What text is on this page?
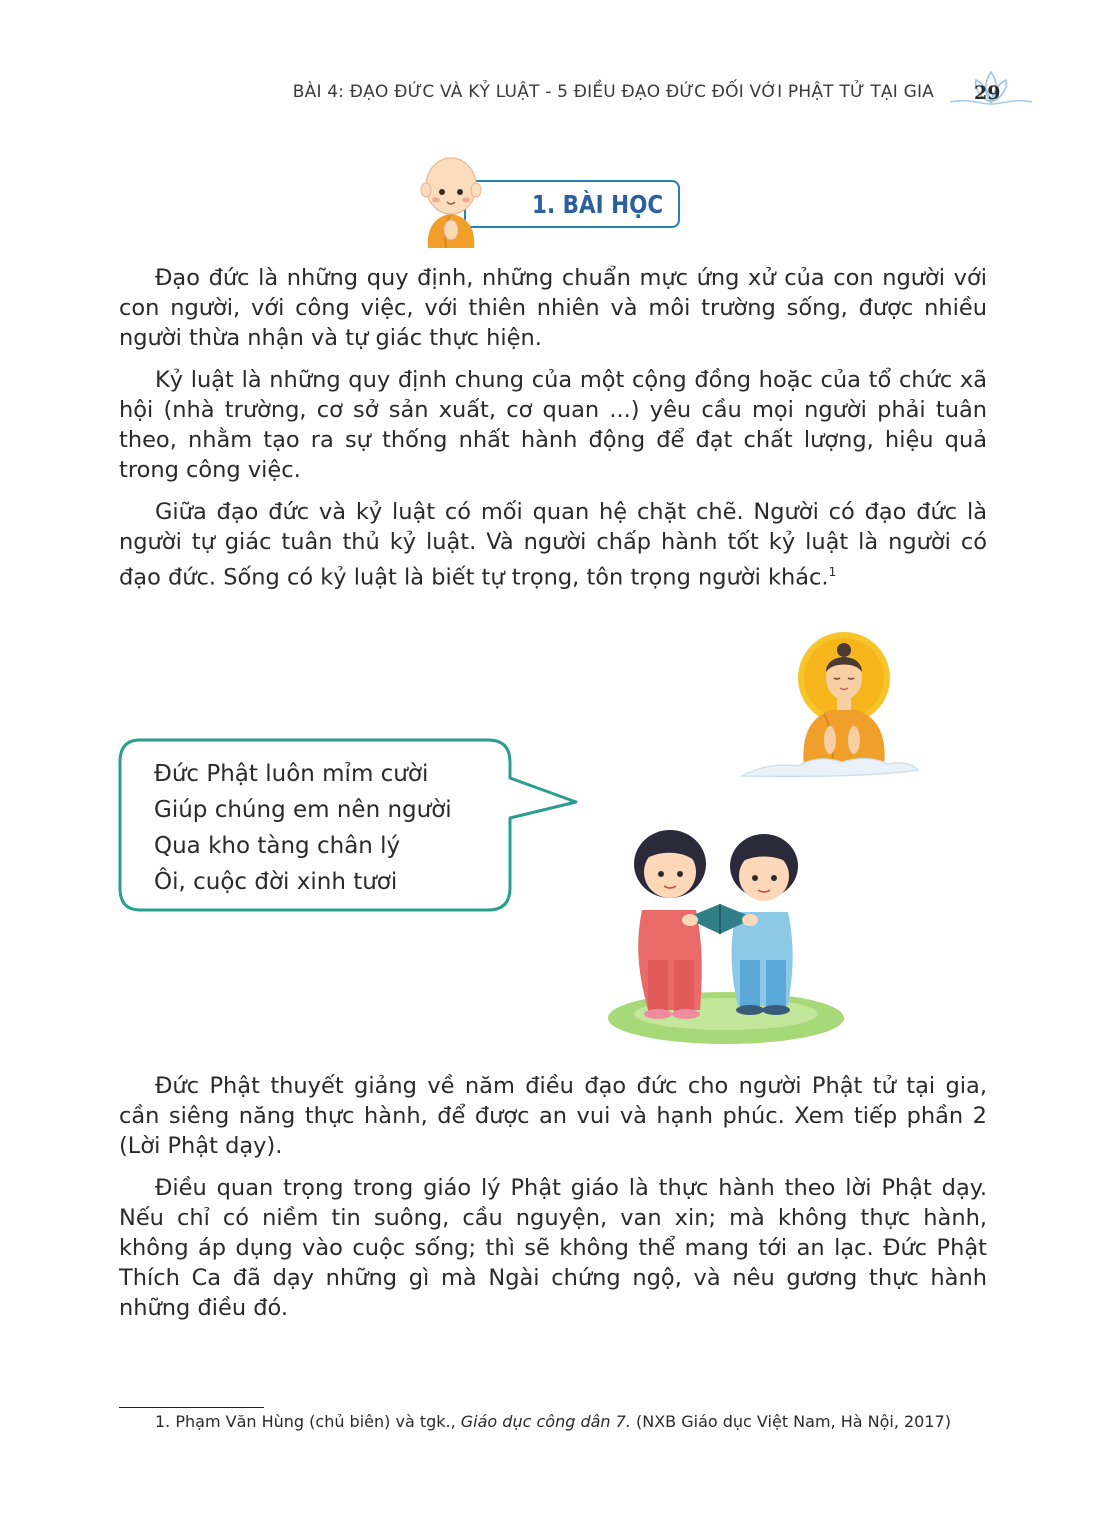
BÀI 4: ĐẠO ĐỨC VÀ KỶ LUẬT - 5 ĐIỀU ĐẠO ĐỨC ĐỐI VỚI PHẬT TỬ TẠI GIA 29
1. BÀI HỌC

Đạo đức là những quy định, những chuẩn mực ứng xử của con người với con người, với công việc, với thiên nhiên và môi trường sống, được nhiều người thừa nhận và tự giác thực hiện.

Kỷ luật là những quy định chung của một cộng đồng hoặc của tổ chức xã hội (nhà trường, cơ sở sản xuất, cơ quan ...) yêu cầu mọi người phải tuân theo, nhằm tạo ra sự thống nhất hành động để đạt chất lượng, hiệu quả trong công việc.

Giữa đạo đức và kỷ luật có mối quan hệ chặt chẽ. Người có đạo đức là người tự giác tuân thủ kỷ luật. Và người chấp hành tốt kỷ luật là người có đạo đức. Sống có kỷ luật là biết tự trọng, tôn trọng người khác.$^1$

Đức Phật luôn mỉm cười
Giúp chúng em nên người
Qua kho tàng chân lý
Ôi, cuộc đời xinh tươi

Đức Phật thuyết giảng về năm điều đạo đức cho người Phật tử tại gia, cần siêng năng thực hành, để được an vui và hạnh phúc. Xem tiếp phần 2 (Lời Phật dạy).

Điều quan trọng trong giáo lý Phật giáo là thực hành theo lời Phật dạy. Nếu chỉ có niềm tin suông, cầu nguyện, van xin; mà không thực hành, không áp dụng vào cuộc sống; thì sẽ không thể mang tới an lạc. Đức Phật Thích Ca đã dạy những gì mà Ngài chứng ngộ, và nêu gương thực hành những điều đó.

1. Phạm Văn Hùng (chủ biên) và tgk., Giáo dục công dân 7. (NXB Giáo dục Việt Nam, Hà Nội, 2017)
